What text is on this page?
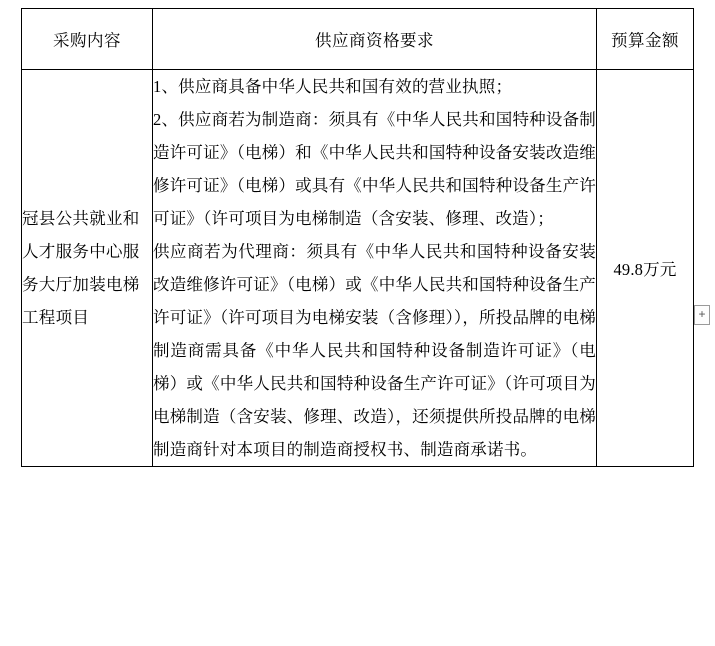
采购内容	供应商资格要求	预算金额
冠县公共就业和人才服务中心服务大厅加装电梯工程项目	1、供应商具备中华人民共和国有效的营业执照；

2、供应商若为制造商：须具有《中华人民共和国特种设备制造许可证》（电梯）和《中华人民共和国特种设备安装改造维修许可证》（电梯）或具有《中华人民共和国特种设备生产许可证》（许可项目为电梯制造（含安装、修理、改造）；

供应商若为代理商：须具有《中华人民共和国特种设备安装改造维修许可证》（电梯）或《中华人民共和国特种设备生产许可证》（许可项目为电梯安装（含修理）），所投品牌的电梯制造商需具备《中华人民共和国特种设备制造许可证》（电梯）或《中华人民共和国特种设备生产许可证》（许可项目为电梯制造（含安装、修理、改造），还须提供所投品牌的电梯制造商针对本项目的制造商授权书、制造商承诺书。	49.8万元
+
